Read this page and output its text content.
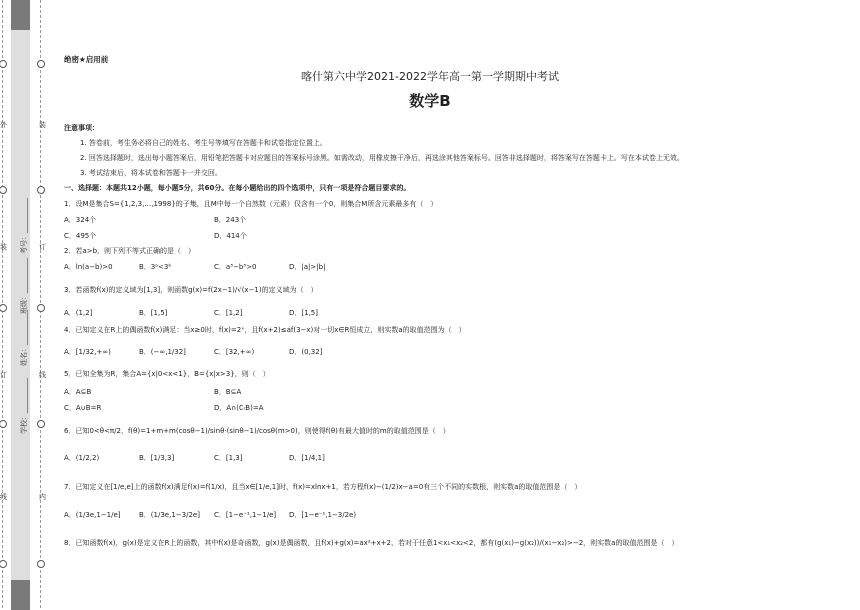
外
装
订
线
装
订
线
内
学校：__________
姓名：__________
班级：__________
考号：__________
绝密★启用前
喀什第六中学2021-2022学年高一第一学期期中考试
数学B
注意事项：
1. 答卷前，考生务必将自己的姓名、考生号等填写在答题卡和试卷指定位置上。
2. 回答选择题时，选出每小题答案后，用铅笔把答题卡对应题目的答案标号涂黑。如需改动，用橡皮擦干净后，再选涂其他答案标号。回答非选择题时，将答案写在答题卡上。写在本试卷上无效。
3. 考试结束后，将本试卷和答题卡一并交回。
一、选择题：本题共12小题，每小题5分，共60分。在每小题给出的四个选项中，只有一项是符合题目要求的。
1．设M是集合S={1,2,3,…,1998}的子集，且M中每一个自然数（元素）仅含有一个0，则集合M所含元素最多有（　）
A．324个	B．243个
C．495个	D．414个
2．若a>b，则下列不等式正确的是（　）
A．ln(a−b)>0	B．3ᵃ<3ᵇ	C．a³−b³>0	D．|a|>|b|
3．若函数f(x)的定义域为[1,3]，则函数g(x)=f(2x−1)/√(x−1)的定义域为（　）
A．(1,2]	B．[1,5]	C．[1,2]	D．[1,5]
4．已知定义在R上的偶函数f(x)满足：当x≥0时，f(x)=2ˣ，且f(x+2)≤af(3−x)对一切x∈R恒成立，则实数a的取值范围为（　）
A．[1/32,+∞)	B．(−∞,1/32]	C．[32,+∞)	D．(0,32]
5．已知全集为R，集合A={x|0<x<1}，B={x|x>3}，则（　）
A．A⊆B	B．B⊆A
C．A∪B=R	D．A∩(∁ᵣB)=A
6．已知0<θ<π/2，f(θ)=1+m+m(cosθ−1)/sinθ·(sinθ−1)/cosθ(m>0)，则使得f(θ)有最大值时的m的取值范围是（　）
A．(1/2,2)	B．[1/3,3]	C．[1,3]	D．[1/4,1]
7．已知定义在[1/e,e]上的函数f(x)满足f(x)=f(1/x)，且当x∈[1/e,1]时，f(x)=xlnx+1，若方程f(x)−(1/2)x−a=0有三个不同的实数根，则实数a的取值范围是（　）
A．(1/3e,1−1/e]	B．(1/3e,1−3/2e] C．[1−e⁻¹,1−1/e] D．[1−e⁻¹,1−3/2e)
8．已知函数f(x)，g(x)是定义在R上的函数，其中f(x)是奇函数，g(x)是偶函数，且f(x)+g(x)=ax²+x+2，若对于任意1<x₁<x₂<2，都有(g(x₁)−g(x₂))/(x₁−x₂)>−2，则实数a的取值范围是（　）
